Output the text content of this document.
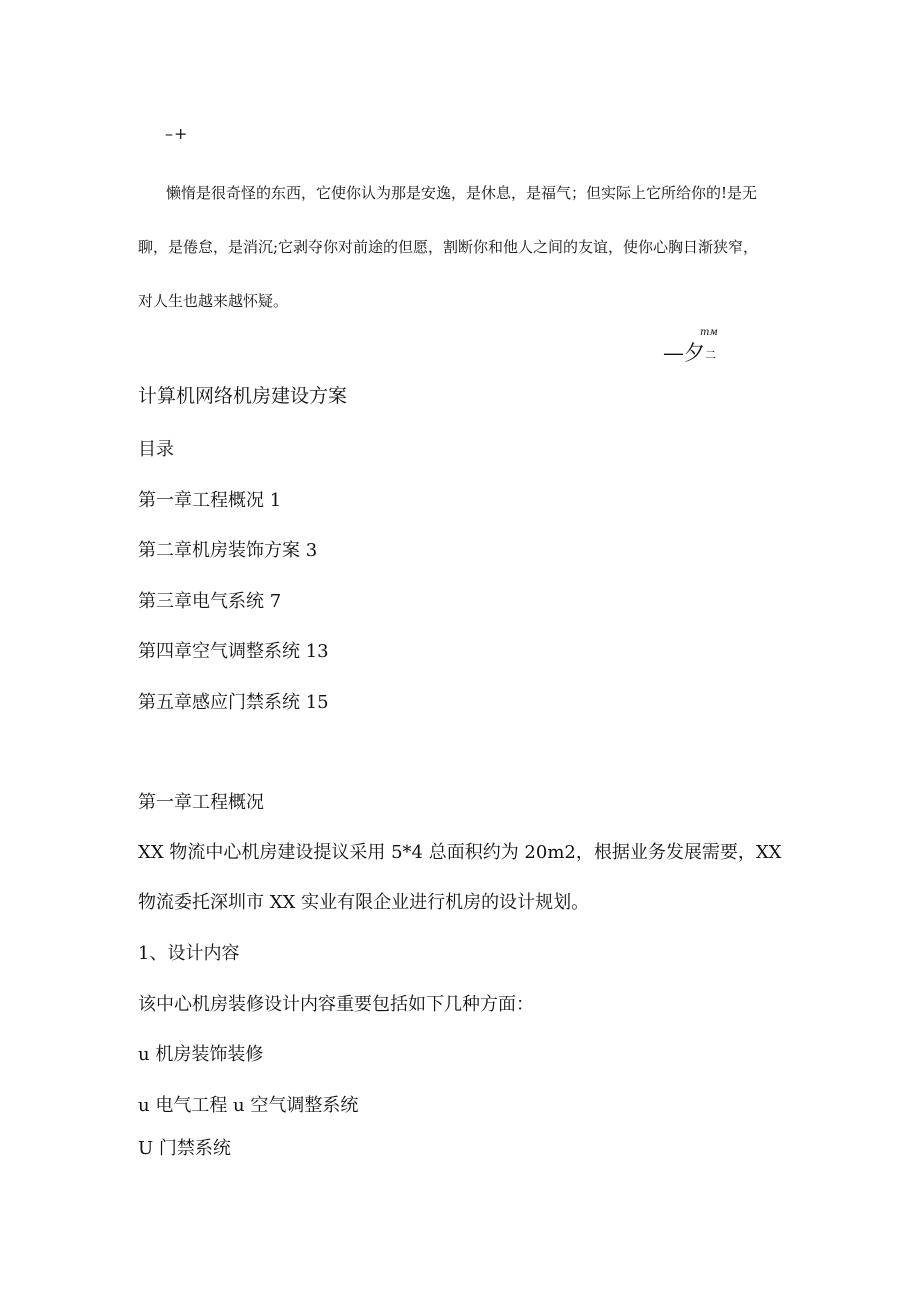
–+
懒惰是很奇怪的东西，它使你认为那是安逸，是休息，是福气；但实际上它所给你的!是无
聊，是倦怠，是消沉;它剥夺你对前途的但愿，割断你和他人之间的友谊，使你心胸日渐狭窄，
对人生也越来越怀疑。
mм
—夕二
计算机网络机房建设方案
目录
第一章工程概况 1
第二章机房装饰方案 3
第三章电气系统 7
第四章空气调整系统 13
第五章感应门禁系统 15
第一章工程概况
XX 物流中心机房建设提议采用 5*4 总面积约为 20m2，根据业务发展需要，XX
物流委托深圳市 XX 实业有限企业进行机房的设计规划。
1、设计内容
该中心机房装修设计内容重要包括如下几种方面：
u 机房装饰装修
u 电气工程 u 空气调整系统
U 门禁系统
